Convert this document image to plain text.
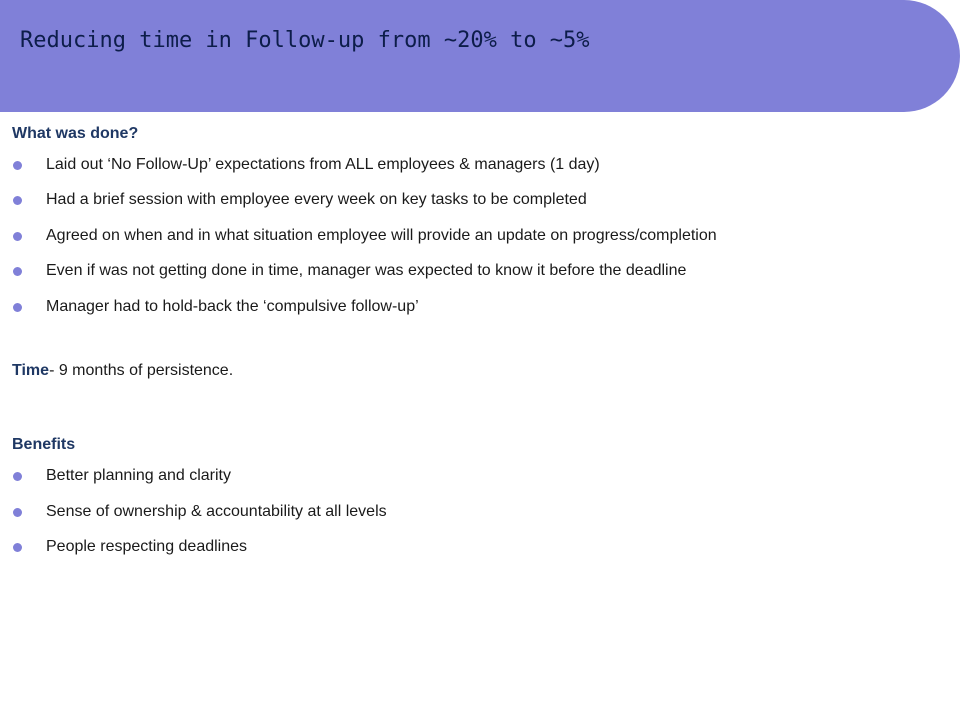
Reducing time in Follow-up from ~20% to ~5%
What was done?
Laid out ‘No Follow-Up’ expectations from ALL employees & managers (1 day)
Had a brief session with employee every week on key tasks to be completed
Agreed on when and in what situation employee will provide an update on progress/completion
Even if was not getting done in time, manager was expected to know it before the deadline
Manager had to hold-back the ‘compulsive follow-up’
Time- 9 months of persistence.
Benefits
Better planning and clarity
Sense of ownership & accountability at all levels
People respecting deadlines
